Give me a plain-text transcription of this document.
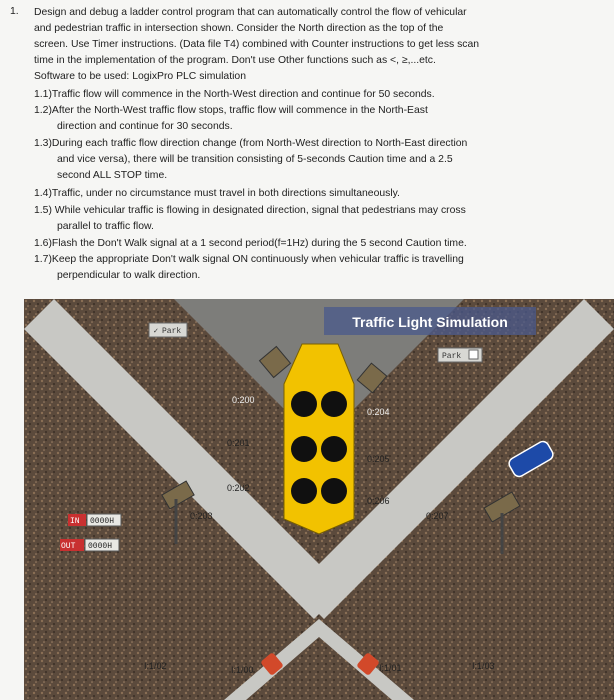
1. Design and debug a ladder control program that can automatically control the flow of vehicular
and pedestrian traffic in intersection shown. Consider the North direction as the top of the
screen. Use Timer instructions. (Data file T4) combined with Counter instructions to get less scan
time in the implementation of the program. Don't use Other functions such as <, ≥,...etc.
Software to be used: LogixPro PLC simulation
1.1)Traffic flow will commence in the North-West direction and continue for 50 seconds.
1.2)After the North-West traffic flow stops, traffic flow will commence in the North-East
direction and continue for 30 seconds.
1.3)During each traffic flow direction change (from North-West direction to North-East direction
and vice versa), there will be transition consisting of 5-seconds Caution time and a 2.5
second ALL STOP time.
1.4)Traffic, under no circumstance must travel in both directions simultaneously.
1.5) While vehicular traffic is flowing in designated direction, signal that pedestrians may cross
parallel to traffic flow.
1.6)Flash the Don't Walk signal at a 1 second period(f=1Hz) during the 5 second Caution time.
1.7)Keep the appropriate Don't walk signal ON continuously when vehicular traffic is travelling
perpendicular to walk direction.
Traffic Light Simulation
✓ Park
Park
IN 0000H
OUT 0000H
0:200
0:201
0:202
0:203
0:204
0:205
0:206
0:207
I:1/02	I:1/00	I:1/01	I:1/03
